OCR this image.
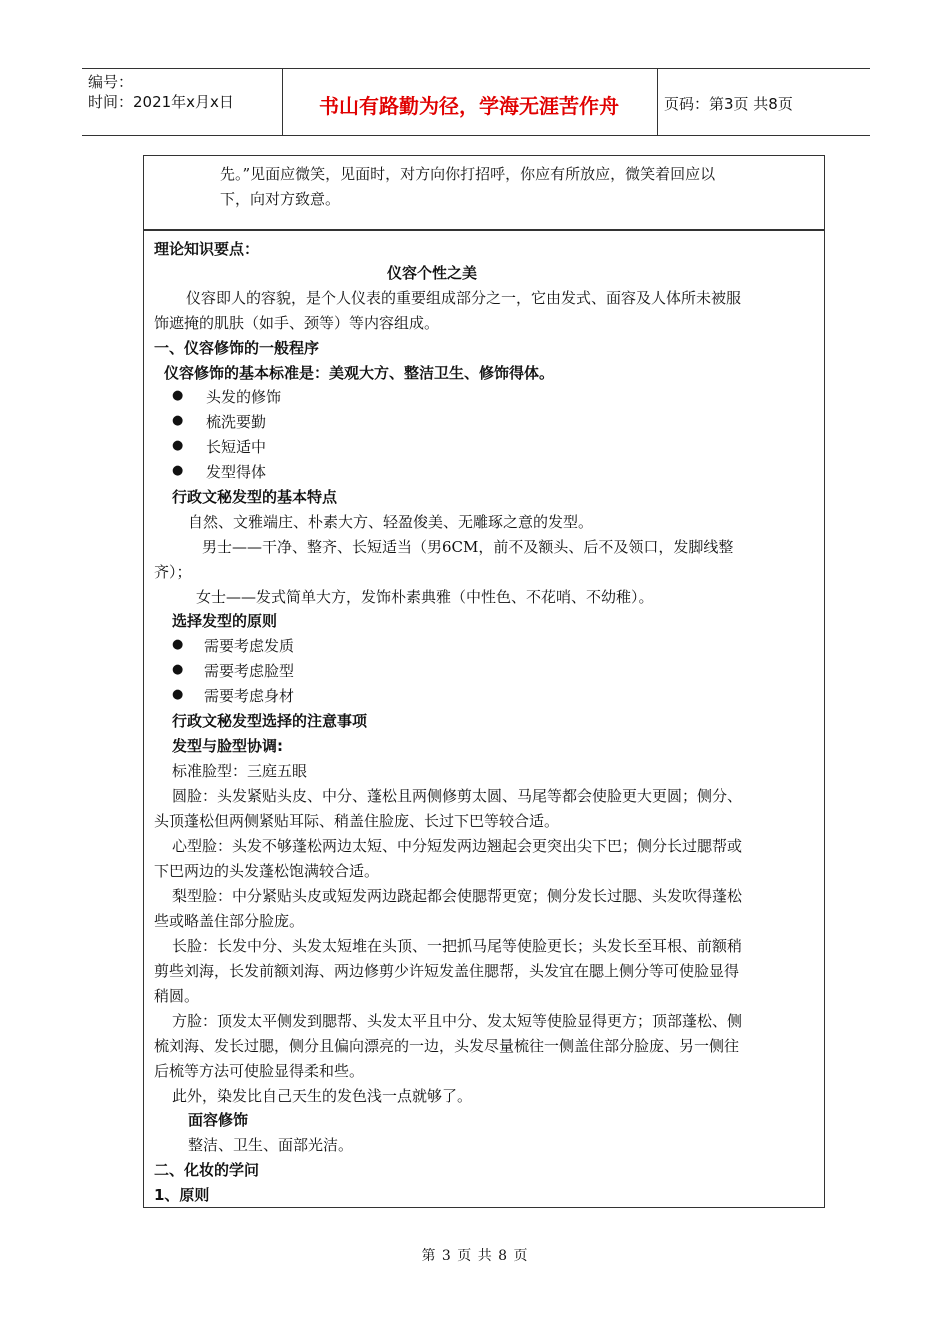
编号：
时间：2021年x月x日	书山有路勤为径，学海无涯苦作舟	页码：第3页 共8页
先。”见面应微笑，见面时，对方向你打招呼，你应有所放应，微笑着回应以
下，向对方致意。
理论知识要点：
仪容个性之美
仪容即人的容貌，是个人仪表的重要组成部分之一，它由发式、面容及人体所未被服
饰遮掩的肌肤（如手、颈等）等内容组成。
一、仪容修饰的一般程序
仪容修饰的基本标准是：美观大方、整洁卫生、修饰得体。
● 头发的修饰
● 梳洗要勤
● 长短适中
● 发型得体
行政文秘发型的基本特点
自然、文雅端庄、朴素大方、轻盈俊美、无雕琢之意的发型。
男士——干净、整齐、长短适当（男6CM，前不及额头、后不及领口，发脚线整
齐）；
女士——发式简单大方，发饰朴素典雅（中性色、不花哨、不幼稚）。
选择发型的原则
● 需要考虑发质
● 需要考虑脸型
● 需要考虑身材
行政文秘发型选择的注意事项
发型与脸型协调:
标准脸型：三庭五眼
圆脸：头发紧贴头皮、中分、蓬松且两侧修剪太圆、马尾等都会使脸更大更圆；侧分、
头顶蓬松但两侧紧贴耳际、稍盖住脸庞、长过下巴等较合适。
心型脸：头发不够蓬松两边太短、中分短发两边翘起会更突出尖下巴；侧分长过腮帮或
下巴两边的头发蓬松饱满较合适。
梨型脸：中分紧贴头皮或短发两边跷起都会使腮帮更宽；侧分发长过腮、头发吹得蓬松
些或略盖住部分脸庞。
长脸：长发中分、头发太短堆在头顶、一把抓马尾等使脸更长；头发长至耳根、前额稍
剪些刘海，长发前额刘海、两边修剪少许短发盖住腮帮，头发宜在腮上侧分等可使脸显得
稍圆。
方脸：顶发太平侧发到腮帮、头发太平且中分、发太短等使脸显得更方；顶部蓬松、侧
梳刘海、发长过腮，侧分且偏向漂亮的一边，头发尽量梳往一侧盖住部分脸庞、另一侧往
后梳等方法可使脸显得柔和些。
此外，染发比自己天生的发色浅一点就够了。
面容修饰
整洁、卫生、面部光洁。
二、化妆的学问
1、原则
第 3 页 共 8 页
